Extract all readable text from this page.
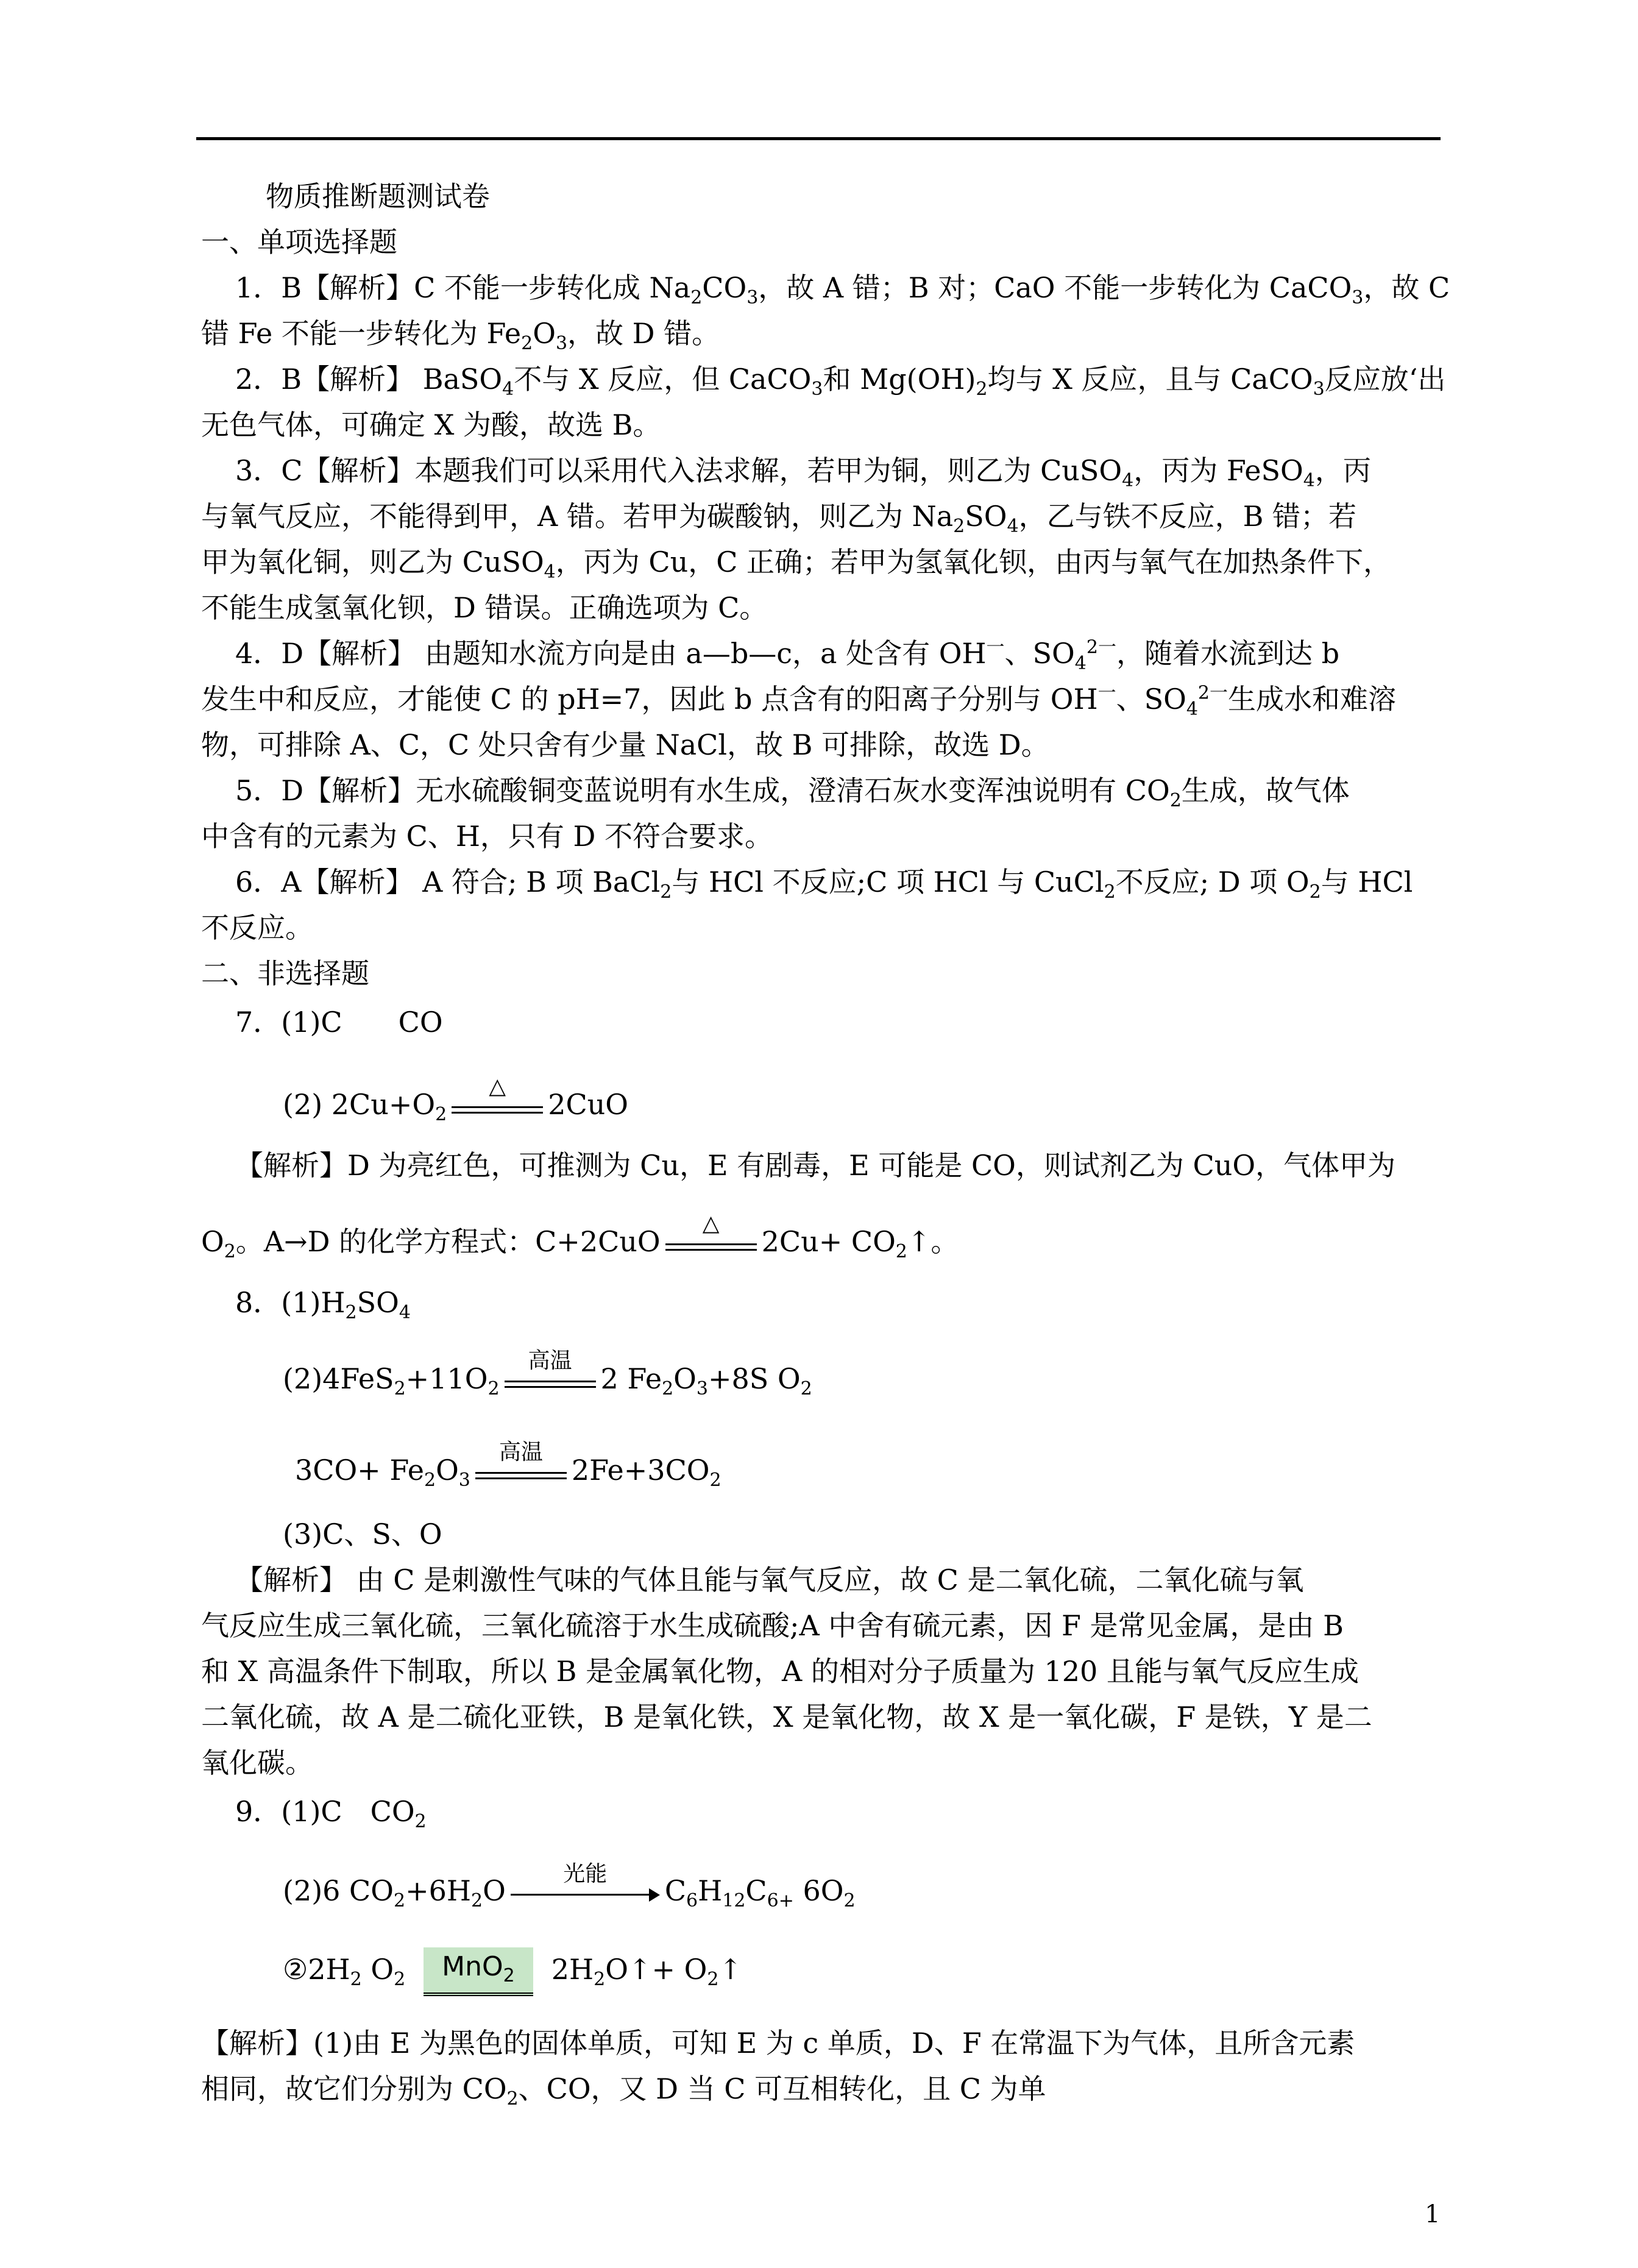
物质推断题测试卷
一、单项选择题
1．B【解析】C 不能一步转化成 $Na_2CO_3$，故 A 错；B 对；CaO 不能一步转化为 CaCO$_3$，故 C
错 Fe 不能一步转化为 $Fe_2O_3$，故 D 错。
2．B【解析】 BaSO$_4$不与 X 反应，但 CaCO$_3$和 $Mg(OH)_2$均与 X 反应，且与 CaCO$_3$反应放‘出
无色气体，可确定 X 为酸，故选 B。
3．C【解析】本题我们可以采用代入法求解，若甲为铜，则乙为 CuSO$_4$，丙为 FeSO$_4$，丙
与氧气反应，不能得到甲，A 错。若甲为碳酸钠，则乙为 $Na_2SO_4$，乙与铁不反应，B 错；若
甲为氧化铜，则乙为 CuSO$_4$，丙为 Cu，C 正确；若甲为氢氧化钡，由丙与氧气在加热条件下，
不能生成氢氧化钡，D 错误。正确选项为 C。
4．D【解析】 由题知水流方向是由 a—b—c，a 处含有 $OH^一$、$SO_4^{2一}$，随着水流到达 b
发生中和反应，才能使 C 的 pH=7，因此 b 点含有的阳离子分别与 $OH^一$、$SO_4^{2一}$生成水和难溶
物，可排除 A、C，C 处只舍有少量 NaCl，故 B 可排除，故选 D。
5．D【解析】无水硫酸铜变蓝说明有水生成，澄清石灰水变浑浊说明有 $CO_2$生成，故气体
中含有的元素为 C、H，只有 D 不符合要求。
6．A【解析】 A 符合; B 项 BaCl$_2$与 HCl 不反应;C 项 HCl 与 CuCl$_2$不反应; D 项 $O_2$与 HCl
不反应。
二、非选择题
7．(1)C　　CO
(2) $2Cu+O_2$
△
2CuO
【解析】D 为亮红色，可推测为 Cu，E 有剧毒，E 可能是 CO，则试剂乙为 CuO，气体甲为
$O_2$。A→D 的化学方程式：C+2CuO
△
$2Cu+ CO_2↑$。
8．$(1)H_2SO_4$
$(2)4FeS_2+11O_2$
高温
2 $Fe_2O_3+8S$ $O_2$
$3CO+ Fe_2O_3$
高温
$2Fe+3CO_2$
(3)C、S、O
【解析】 由 C 是刺激性气味的气体且能与氧气反应，故 C 是二氧化硫，二氧化硫与氧
气反应生成三氧化硫，三氧化硫溶于水生成硫酸;A 中舍有硫元素，因 F 是常见金属，是由 B
和 X 高温条件下制取，所以 B 是金属氧化物，A 的相对分子质量为 120 且能与氧气反应生成
二氧化硫，故 A 是二硫化亚铁，B 是氧化铁，X 是氧化物，故 X 是一氧化碳，F 是铁，Y 是二
氧化碳。
9．(1)C　$CO_2$
(2)6 $CO_2+6H_2O$
光能
$C_6H_{12}C_{6+}$ $6O_2$
$②2H_2$ $O_2$ MnO$_2$ $2H_2O↑+$ $O_2↑$
【解析】(1)由 E 为黑色的固体单质，可知 E 为 c 单质，D、F 在常温下为气体，且所含元素
相同，故它们分别为 $CO_2$、CO，又 D 当 C 可互相转化，且 C 为单
1
